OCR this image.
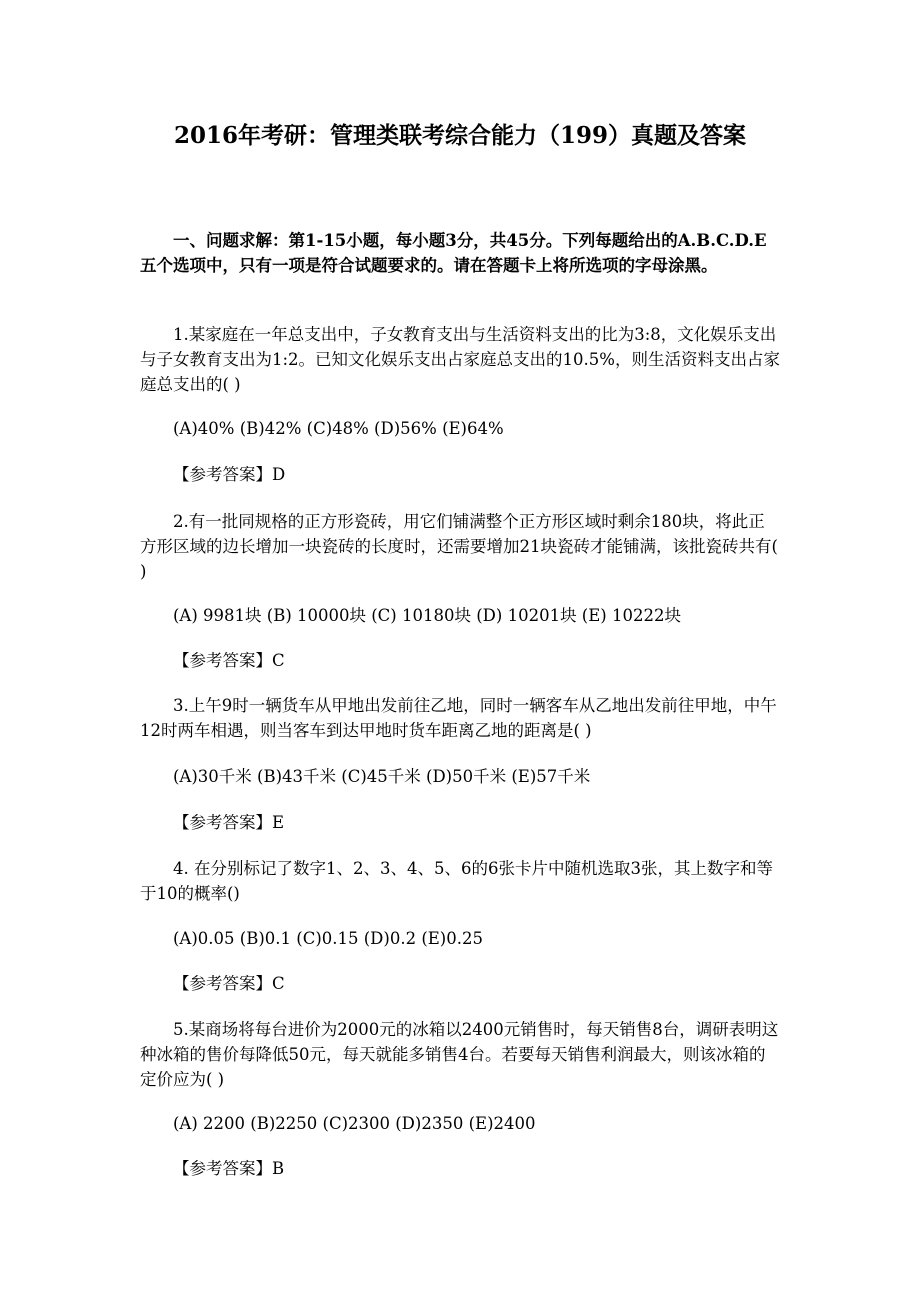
2016年考研：管理类联考综合能力（199）真题及答案

一、问题求解：第1-15小题，每小题3分，共45分。下列每题给出的A.B.C.D.E五个选项中，只有一项是符合试题要求的。请在答题卡上将所选项的字母涂黑。

1.某家庭在一年总支出中，子女教育支出与生活资料支出的比为3:8，文化娱乐支出与子女教育支出为1:2。已知文化娱乐支出占家庭总支出的10.5%，则生活资料支出占家庭总支出的( )

(A)40% (B)42% (C)48% (D)56% (E)64%
【参考答案】D

2.有一批同规格的正方形瓷砖，用它们铺满整个正方形区域时剩余180块，将此正方形区域的边长增加一块瓷砖的长度时，还需要增加21块瓷砖才能铺满，该批瓷砖共有( )

(A) 9981块 (B) 10000块 (C) 10180块 (D) 10201块 (E) 10222块
【参考答案】C

3.上午9时一辆货车从甲地出发前往乙地，同时一辆客车从乙地出发前往甲地，中午12时两车相遇，则当客车到达甲地时货车距离乙地的距离是( )

(A)30千米 (B)43千米 (C)45千米 (D)50千米 (E)57千米
【参考答案】E

4. 在分别标记了数字1、2、3、4、5、6的6张卡片中随机选取3张，其上数字和等于10的概率()

(A)0.05 (B)0.1 (C)0.15 (D)0.2 (E)0.25
【参考答案】C

5.某商场将每台进价为2000元的冰箱以2400元销售时，每天销售8台，调研表明这种冰箱的售价每降低50元，每天就能多销售4台。若要每天销售利润最大，则该冰箱的定价应为( )

(A) 2200 (B)2250 (C)2300 (D)2350 (E)2400
【参考答案】B
